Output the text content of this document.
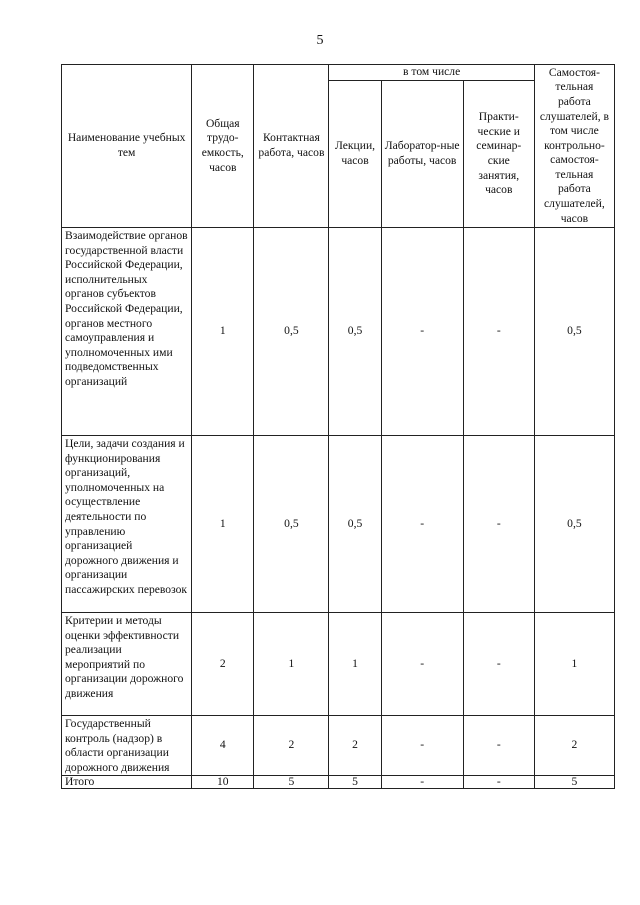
5
Наименование учебных тем	Общая трудо-емкость, часов	Контактная работа, часов	в том числе			Самостоя-тельная работа слушателей, в том числе контрольно-самостоя-тельная работа слушателей, часов
			Лекции, часов	Лаборатор-ные работы, часов	Практи-ческие и семинар-ские занятия, часов	
Взаимодействие органов государственной власти Российской Федерации, исполнительных органов субъектов Российской Федерации, органов местного самоуправления и уполномоченных ими подведомственных организаций	1	0,5	0,5	-	-	0,5
Цели, задачи создания и функционирования организаций, уполномоченных на осуществление деятельности по управлению организацией дорожного движения и организации пассажирских перевозок	1	0,5	0,5	-	-	0,5
Критерии и методы оценки эффективности реализации мероприятий по организации дорожного движения	2	1	1	-	-	1
Государственный контроль (надзор) в области организации дорожного движения	4	2	2	-	-	2
Итого	10	5	5	-	-	5
